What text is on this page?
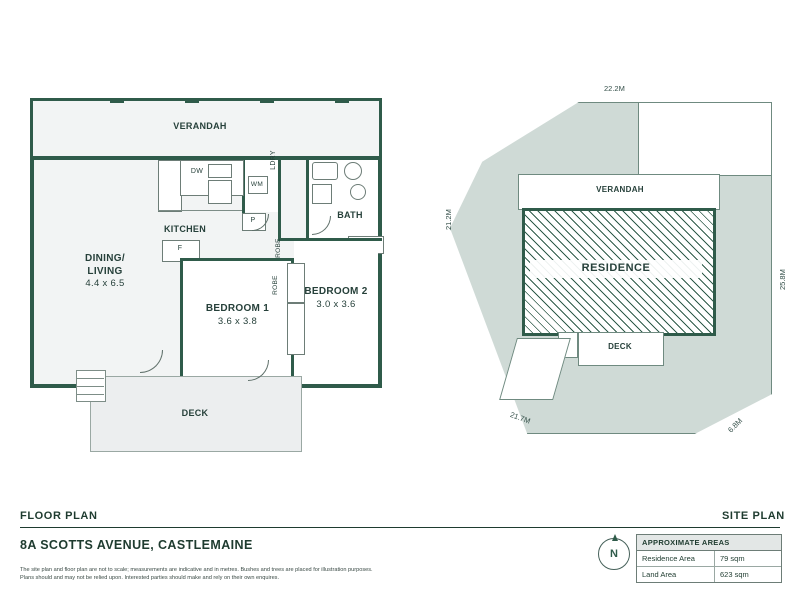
VERANDAH
DW
KITCHEN
F
WM
LDRY
P
BATH
ROBE
ROBE
DINING/
LIVING
4.4 x 6.5
BEDROOM 1
3.6 x 3.8
BEDROOM 2
3.0 x 3.6
DECK
VERANDAH
RESIDENCE
DECK
22.2M
21.2M
25.8M
21.7M	6.8M
FLOOR PLAN	SITE PLAN
8A SCOTTS AVENUE, CASTLEMAINE
The site plan and floor plan are not to scale; measurements are indicative and in metres. Bushes and trees are placed for illustration purposes. Plans should and may not be relied upon. Interested parties should make and rely on their own enquires.
N
APPROXIMATE AREAS
Residence Area	79 sqm
Land Area	623 sqm
